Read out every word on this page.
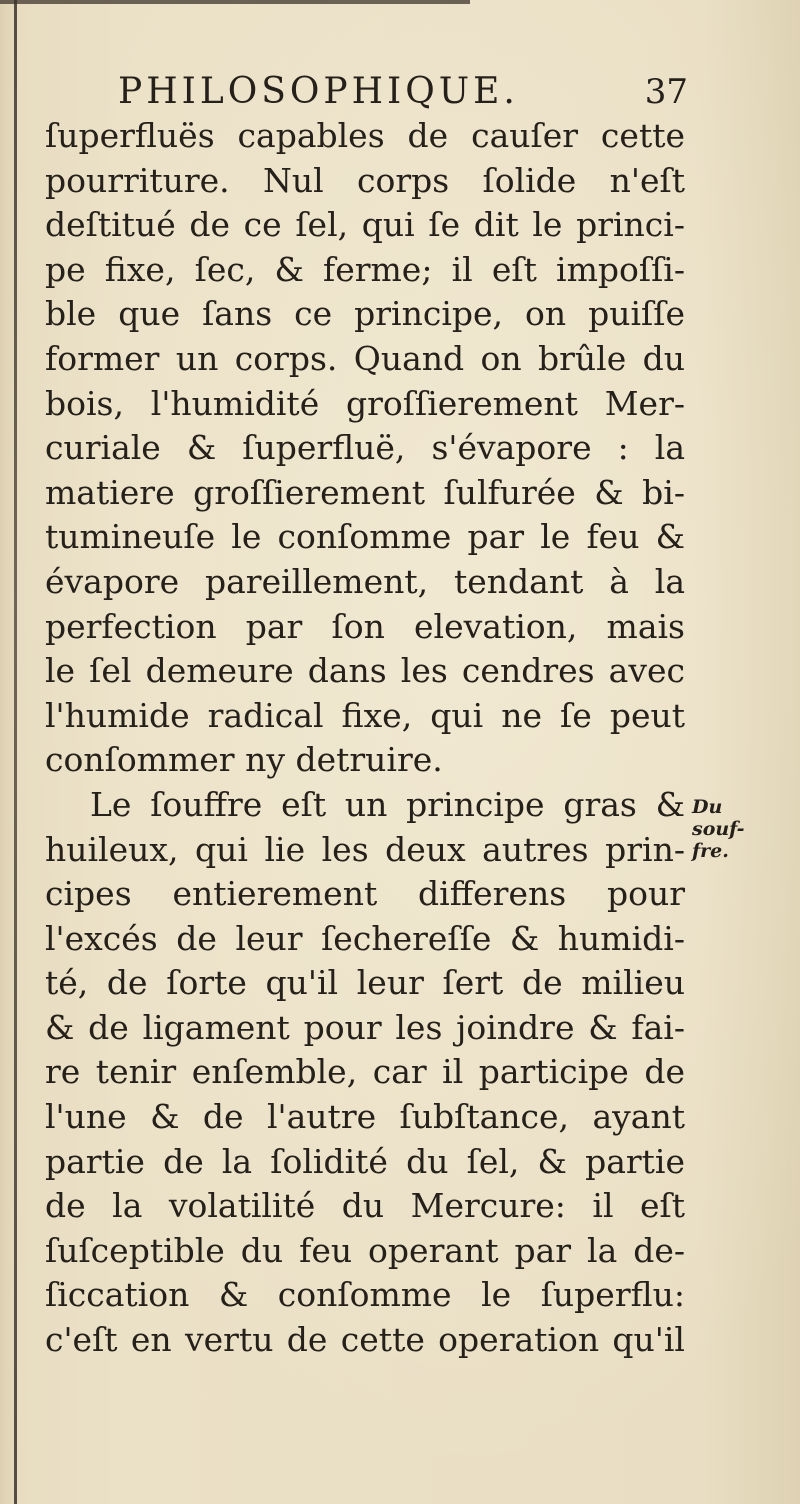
PHILOSOPHIQUE.	37
ſuperfluës capables de cauſer cette
pourriture. Nul corps ſolide n'eſt
deſtitué de ce ſel, qui ſe dit le princi-
pe fixe, ſec, & ferme; il eſt impoſſi-
ble que ſans ce principe, on puiſſe
former un corps. Quand on brûle du
bois, l'humidité groſſierement Mer-
curiale & ſuperfluë, s'évapore : la
matiere groſſierement ſulfurée & bi-
tumineuſe le conſomme par le feu &
évapore pareillement, tendant à la
perfection par ſon elevation, mais
le ſel demeure dans les cendres avec
l'humide radical fixe, qui ne ſe peut
conſommer ny detruire.
Le ſouffre eſt un principe gras &
huileux, qui lie les deux autres prin-
cipes entierement differens pour
l'excés de leur ſechereſſe & humidi-
té, de ſorte qu'il leur ſert de milieu
& de ligament pour les joindre & fai-
re tenir enſemble, car il participe de
l'une & de l'autre ſubſtance, ayant
partie de la ſolidité du ſel, & partie
de la volatilité du Mercure: il eſt
ſuſceptible du feu operant par la de-
ſiccation & conſomme le ſuperflu:
c'eſt en vertu de cette operation qu'il
Du
souf-
fre.
